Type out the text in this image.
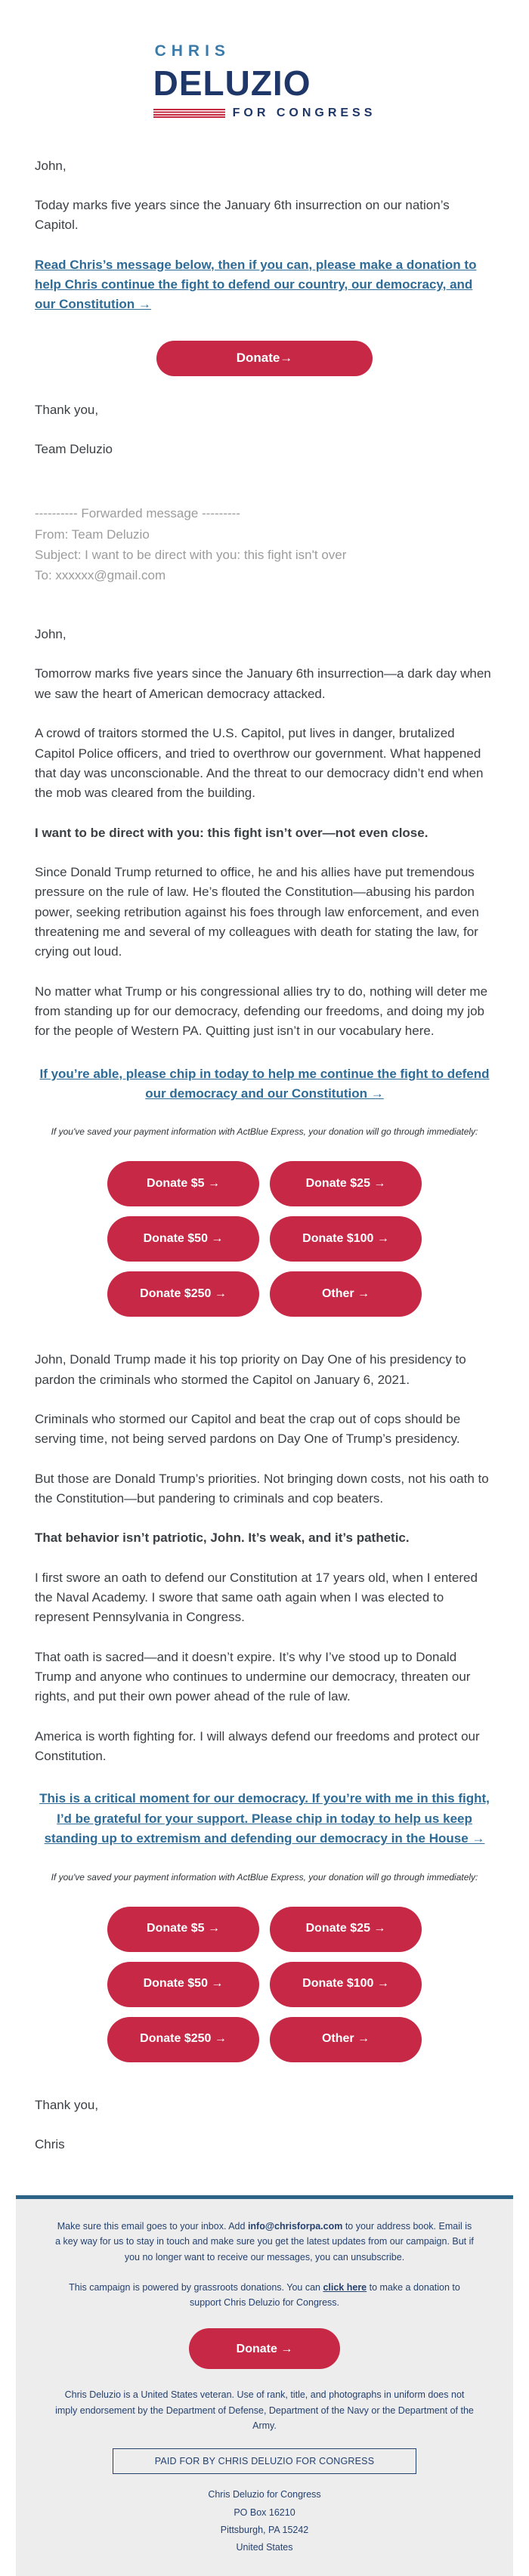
CHRIS
DELUZIO
FOR CONGRESS

John,

Today marks five years since the January 6th insurrection on our nation’s Capitol.

Read Chris’s message below, then if you can, please make a donation to help Chris continue the fight to defend our country, our democracy, and our Constitution →
Donate→

Thank you,

Team Deluzio

---------- Forwarded message ---------
From: Team Deluzio
Subject: I want to be direct with you: this fight isn't over
To: xxxxxx@gmail.com

John,

Tomorrow marks five years since the January 6th insurrection—a dark day when we saw the heart of American democracy attacked.

A crowd of traitors stormed the U.S. Capitol, put lives in danger, brutalized Capitol Police officers, and tried to overthrow our government. What happened that day was unconscionable. And the threat to our democracy didn’t end when the mob was cleared from the building.

I want to be direct with you: this fight isn’t over—not even close.

Since Donald Trump returned to office, he and his allies have put tremendous pressure on the rule of law. He’s flouted the Constitution—abusing his pardon power, seeking retribution against his foes through law enforcement, and even threatening me and several of my colleagues with death for stating the law, for crying out loud.

No matter what Trump or his congressional allies try to do, nothing will deter me from standing up for our democracy, defending our freedoms, and doing my job for the people of Western PA. Quitting just isn’t in our vocabulary here.

If you’re able, please chip in today to help me continue the fight to defend our democracy and our Constitution →

If you've saved your payment information with ActBlue Express, your donation will go through immediately:

Donate $5 →	Donate $25 →
Donate $50 →	Donate $100 →
Donate $250 →	Other →

John, Donald Trump made it his top priority on Day One of his presidency to pardon the criminals who stormed the Capitol on January 6, 2021.

Criminals who stormed our Capitol and beat the crap out of cops should be serving time, not being served pardons on Day One of Trump’s presidency.

But those are Donald Trump’s priorities. Not bringing down costs, not his oath to the Constitution—but pandering to criminals and cop beaters.

That behavior isn’t patriotic, John. It’s weak, and it’s pathetic.

I first swore an oath to defend our Constitution at 17 years old, when I entered the Naval Academy. I swore that same oath again when I was elected to represent Pennsylvania in Congress.

That oath is sacred—and it doesn’t expire. It’s why I’ve stood up to Donald Trump and anyone who continues to undermine our democracy, threaten our rights, and put their own power ahead of the rule of law.

America is worth fighting for. I will always defend our freedoms and protect our Constitution.

This is a critical moment for our democracy. If you’re with me in this fight, I’d be grateful for your support. Please chip in today to help us keep standing up to extremism and defending our democracy in the House →

If you've saved your payment information with ActBlue Express, your donation will go through immediately:

Donate $5 →	Donate $25 →
Donate $50 →	Donate $100 →
Donate $250 →	Other →

Thank you,

Chris

Make sure this email goes to your inbox. Add info@chrisforpa.com to your address book. Email is a key way for us to stay in touch and make sure you get the latest updates from our campaign. But if you no longer want to receive our messages, you can unsubscribe.

This campaign is powered by grassroots donations. You can click here to make a donation to support Chris Deluzio for Congress.

Donate →

Chris Deluzio is a United States veteran. Use of rank, title, and photographs in uniform does not imply endorsement by the Department of Defense, Department of the Navy or the Department of the Army.

PAID FOR BY CHRIS DELUZIO FOR CONGRESS
Chris Deluzio for Congress
PO Box 16210
Pittsburgh, PA 15242
United States
